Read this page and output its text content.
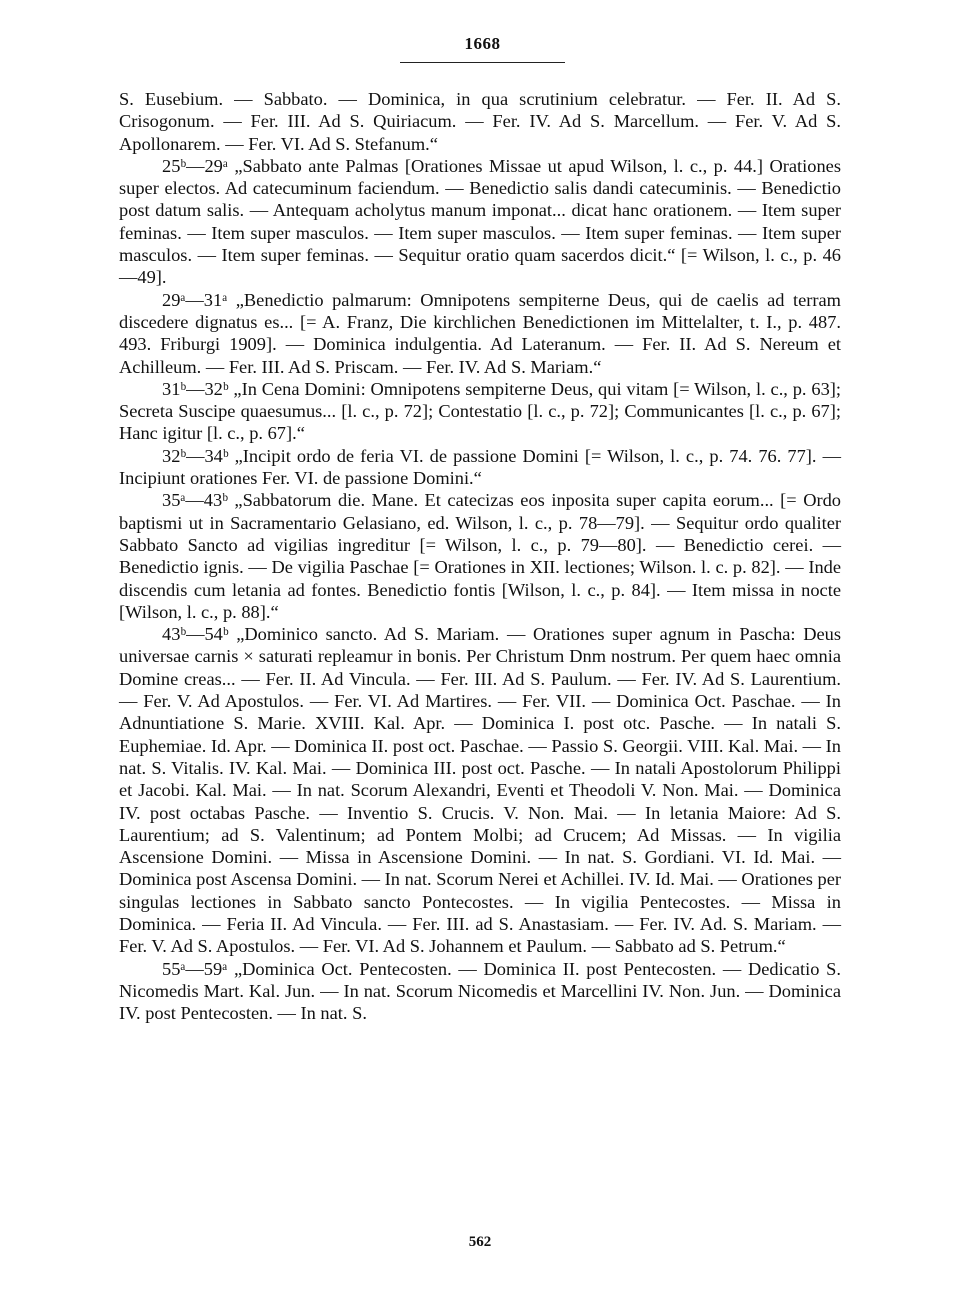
1668

S. Eusebium. — Sabbato. — Dominica, in qua scrutinium celebratur. — Fer. II. Ad S. Crisogonum. — Fer. III. Ad S. Quiriacum. — Fer. IV. Ad S. Marcellum. — Fer. V. Ad S. Apollonarem. — Fer. VI. Ad S. Stefanum.“

25ᵇ—29ᵃ „Sabbato ante Palmas [Orationes Missae ut apud Wilson, l. c., p. 44.] Orationes super electos. Ad catecuminum faciendum. — Benedictio salis dandi catecuminis. — Benedictio post datum salis. — Antequam acholytus manum imponat... dicat hanc orationem. — Item super feminas. — Item super masculos. — Item super masculos. — Item super feminas. — Item super masculos. — Item super feminas. — Sequitur oratio quam sacerdos dicit.“ [= Wilson, l. c., p. 46—49].

29ᵃ—31ᵃ „Benedictio palmarum: Omnipotens sempiterne Deus, qui de caelis ad terram discedere dignatus es... [= A. Franz, Die kirchlichen Benedictionen im Mittelalter, t. I., p. 487. 493. Friburgi 1909]. — Dominica indulgentia. Ad Lateranum. — Fer. II. Ad S. Nereum et Achilleum. — Fer. III. Ad S. Priscam. — Fer. IV. Ad S. Mariam.“

31ᵇ—32ᵇ „In Cena Domini: Omnipotens sempiterne Deus, qui vitam [= Wilson, l. c., p. 63]; Secreta Suscipe quaesumus... [l. c., p. 72]; Contestatio [l. c., p. 72]; Communicantes [l. c., p. 67]; Hanc igitur [l. c., p. 67].“

32ᵇ—34ᵇ „Incipit ordo de feria VI. de passione Domini [= Wilson, l. c., p. 74. 76. 77]. — Incipiunt orationes Fer. VI. de passione Domini.“

35ᵃ—43ᵇ „Sabbatorum die. Mane. Et catecizas eos inposita super capita eorum... [= Ordo baptismi ut in Sacramentario Gelasiano, ed. Wilson, l. c., p. 78—79]. — Sequitur ordo qualiter Sabbato Sancto ad vigilias ingreditur [= Wilson, l. c., p. 79—80]. — Benedictio cerei. — Benedictio ignis. — De vigilia Paschae [= Orationes in XII. lectiones; Wilson. l. c. p. 82]. — Inde discendis cum letania ad fontes. Benedictio fontis [Wilson, l. c., p. 84]. — Item missa in nocte [Wilson, l. c., p. 88].“

43ᵇ—54ᵇ „Dominico sancto. Ad S. Mariam. — Orationes super agnum in Pascha: Deus universae carnis × saturati repleamur in bonis. Per Christum Dnm nostrum. Per quem haec omnia Domine creas... — Fer. II. Ad Vincula. — Fer. III. Ad S. Paulum. — Fer. IV. Ad S. Laurentium. — Fer. V. Ad Apostulos. — Fer. VI. Ad Martires. — Fer. VII. — Dominica Oct. Paschae. — In Adnuntiatione S. Marie. XVIII. Kal. Apr. — Dominica I. post otc. Pasche. — In natali S. Euphemiae. Id. Apr. — Dominica II. post oct. Paschae. — Passio S. Georgii. VIII. Kal. Mai. — In nat. S. Vitalis. IV. Kal. Mai. — Dominica III. post oct. Pasche. — In natali Apostolorum Philippi et Jacobi. Kal. Mai. — In nat. Scorum Alexandri, Eventi et Theodoli V. Non. Mai. — Dominica IV. post octabas Pasche. — Inventio S. Crucis. V. Non. Mai. — In letania Maiore: Ad S. Laurentium; ad S. Valentinum; ad Pontem Molbi; ad Crucem; Ad Missas. — In vigilia Ascensione Domini. — Missa in Ascensione Domini. — In nat. S. Gordiani. VI. Id. Mai. — Dominica post Ascensa Domini. — In nat. Scorum Nerei et Achillei. IV. Id. Mai. — Orationes per singulas lectiones in Sabbato sancto Pontecostes. — In vigilia Pentecostes. — Missa in Dominica. — Feria II. Ad Vincula. — Fer. III. ad S. Anastasiam. — Fer. IV. Ad. S. Mariam. — Fer. V. Ad S. Apostulos. — Fer. VI. Ad S. Johannem et Paulum. — Sabbato ad S. Petrum.“

55ᵃ—59ᵃ „Dominica Oct. Pentecosten. — Dominica II. post Pentecosten. — Dedicatio S. Nicomedis Mart. Kal. Jun. — In nat. Scorum Nicomedis et Marcellini IV. Non. Jun. — Dominica IV. post Pentecosten. — In nat. S.

562
